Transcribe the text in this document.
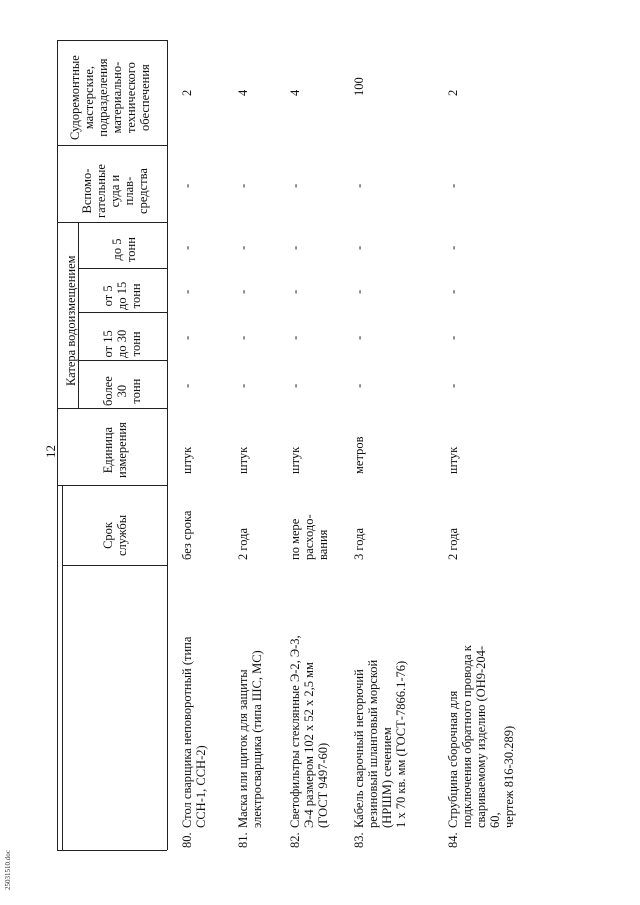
12
Срок
службы
Единица
измерения
Катера водоизмещением
более
30
тонн
от 15
до 30
тонн
от 5
до 15
тонн
до 5
тонн
Вспомо-
гательные
суда и
плав-
средства
Судоремонтные
мастерские,
подразделения
материально-
технического
обеспечения
80.
Стол сварщика неповоротный (типа
ССН-1, ССН-2)
без срока
штук
-
-
-
-
-
2
81.
Маска или щиток для защиты
электросварщика (типа ШС, МС)
2 года
штук
-
-
-
-
-
4
82.
Светофильтры стеклянные Э-2, Э-3,
Э-4 размером 102 х 52 х 2,5 мм
(ГОСТ 9497-60)
по мере
расходо-
вания
штук
-
-
-
-
-
4
83.
Кабель сварочный негорючий
резиновый шланговый морской
(НРШМ) сечением
1 х 70 кв. мм (ГОСТ-7866.1-76)
3 года
метров
-
-
-
-
-
100
84.
Струбцина сборочная для
подключения обратного провода к
свариваемому изделию (ОН9-204-60,
чертеж 816-30.289)
2 года
штук
-
-
-
-
-
2
25031510.doc
